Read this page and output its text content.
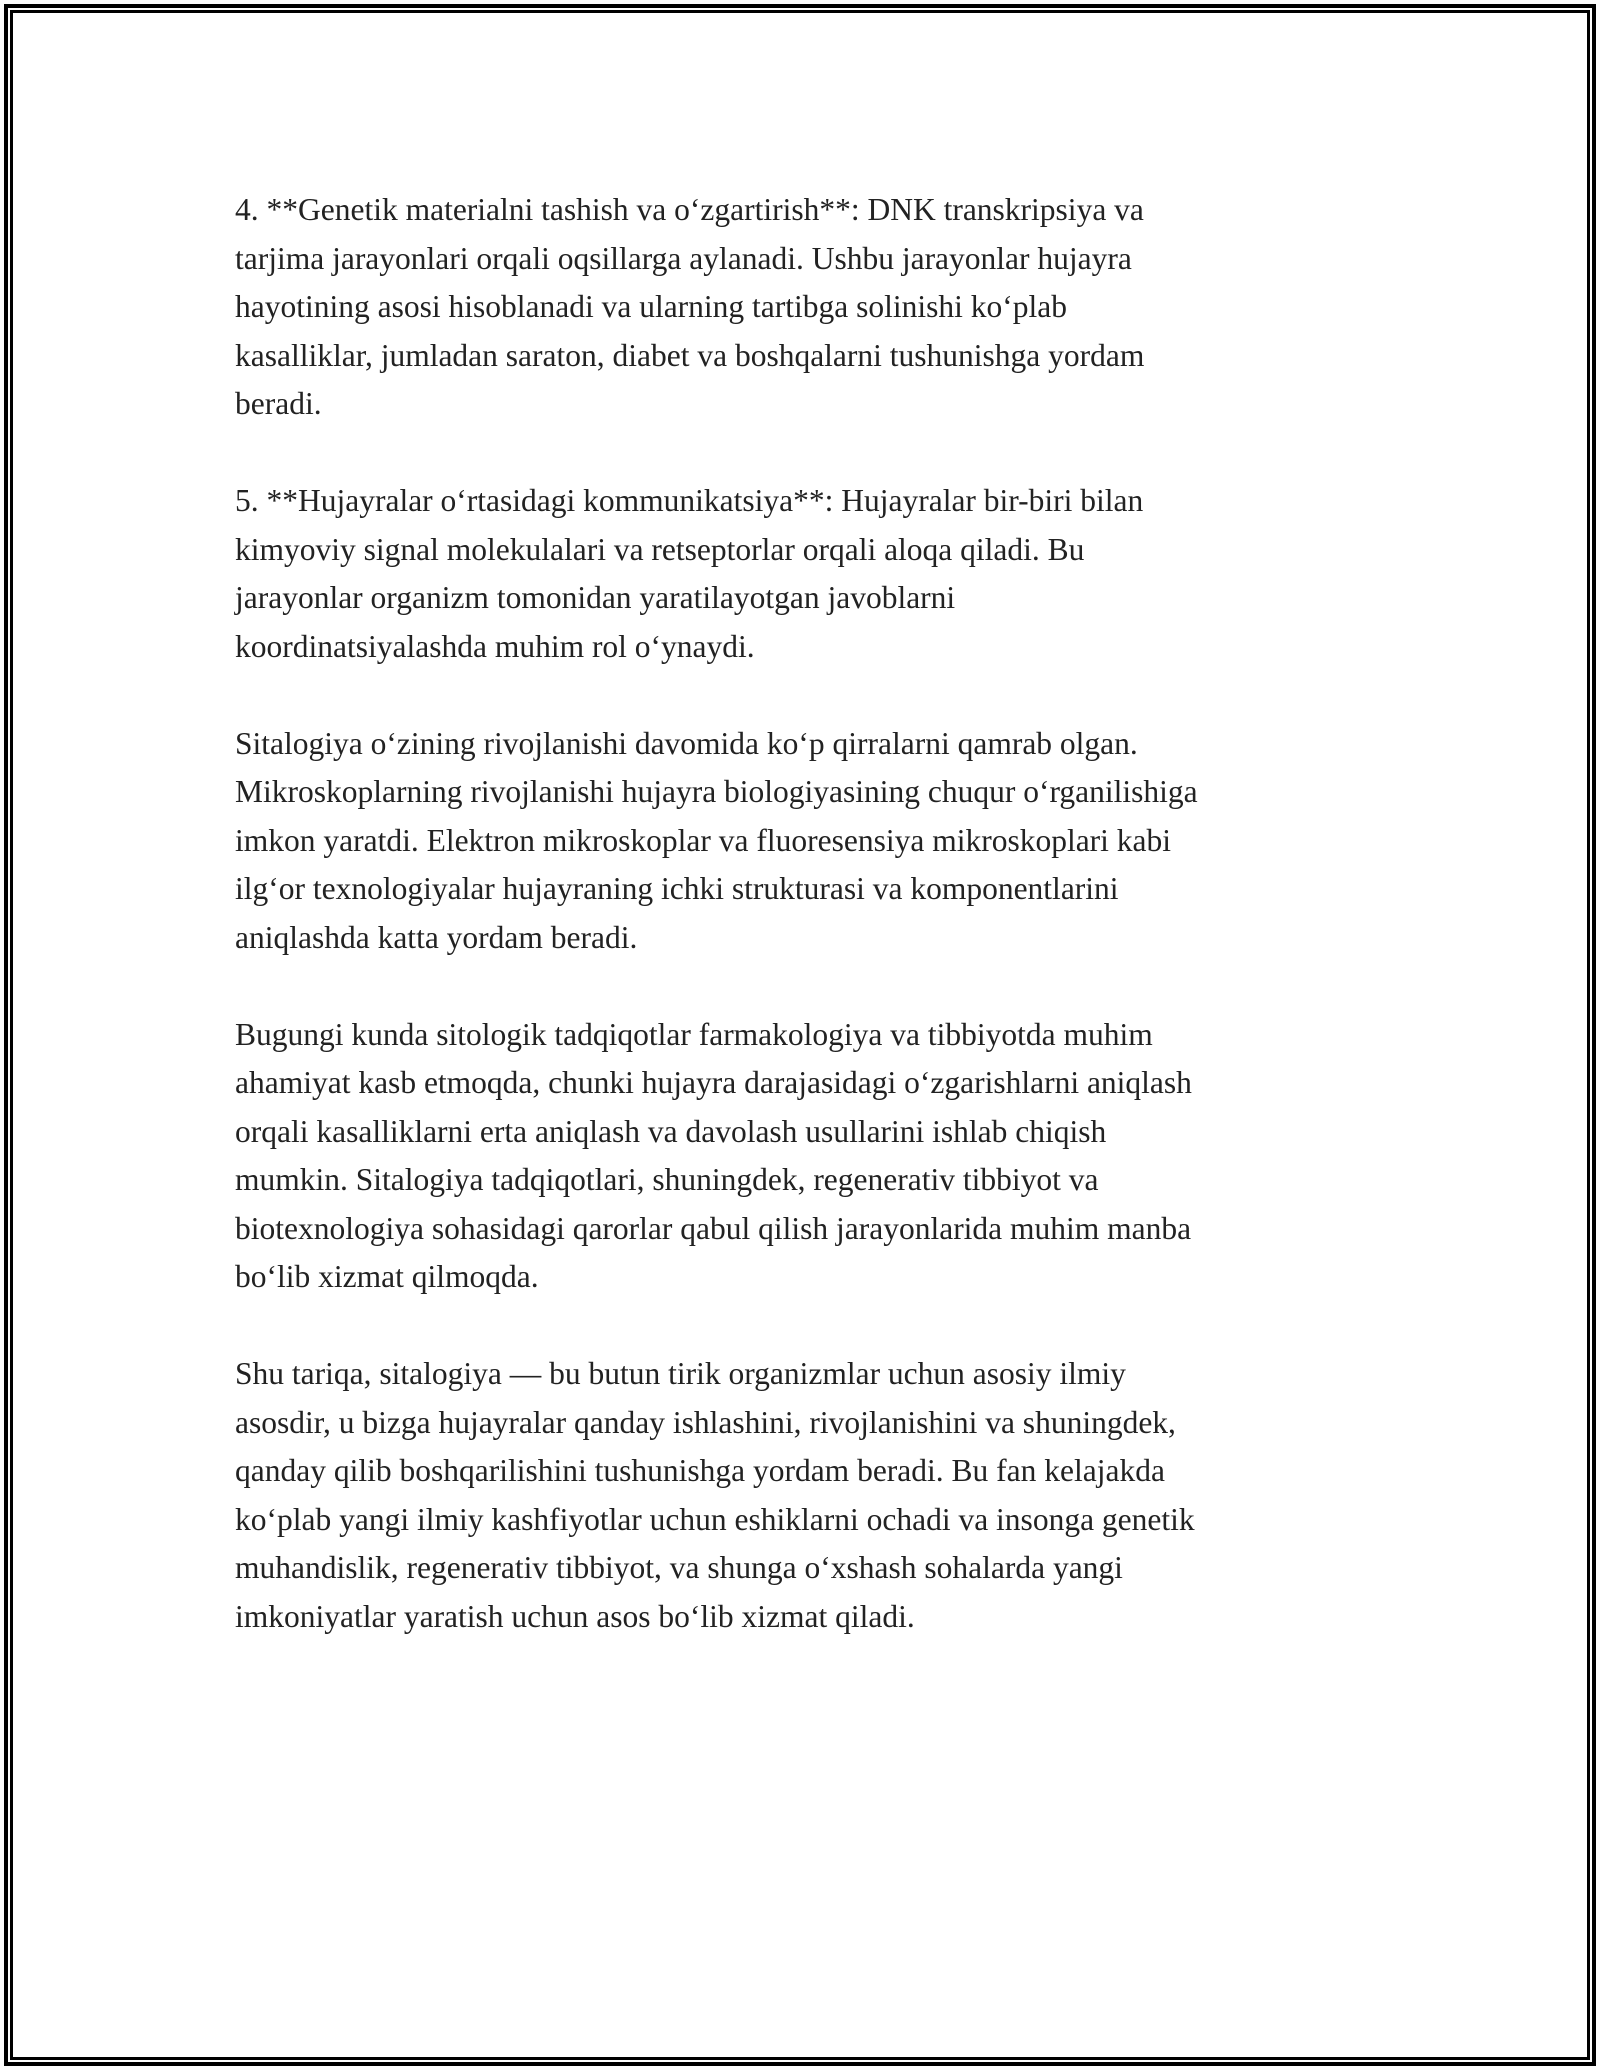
4. **Genetik materialni tashish va o‘zgartirish**: DNK transkripsiya va
tarjima jarayonlari orqali oqsillarga aylanadi. Ushbu jarayonlar hujayra
hayotining asosi hisoblanadi va ularning tartibga solinishi ko‘plab
kasalliklar, jumladan saraton, diabet va boshqalarni tushunishga yordam
beradi.

5. **Hujayralar o‘rtasidagi kommunikatsiya**: Hujayralar bir-biri bilan
kimyoviy signal molekulalari va retseptorlar orqali aloqa qiladi. Bu
jarayonlar organizm tomonidan yaratilayotgan javoblarni
koordinatsiyalashda muhim rol o‘ynaydi.

Sitalogiya o‘zining rivojlanishi davomida ko‘p qirralarni qamrab olgan.
Mikroskoplarning rivojlanishi hujayra biologiyasining chuqur o‘rganilishiga
imkon yaratdi. Elektron mikroskoplar va fluoresensiya mikroskoplari kabi
ilg‘or texnologiyalar hujayraning ichki strukturasi va komponentlarini
aniqlashda katta yordam beradi.

Bugungi kunda sitologik tadqiqotlar farmakologiya va tibbiyotda muhim
ahamiyat kasb etmoqda, chunki hujayra darajasidagi o‘zgarishlarni aniqlash
orqali kasalliklarni erta aniqlash va davolash usullarini ishlab chiqish
mumkin. Sitalogiya tadqiqotlari, shuningdek, regenerativ tibbiyot va
biotexnologiya sohasidagi qarorlar qabul qilish jarayonlarida muhim manba
bo‘lib xizmat qilmoqda.

Shu tariqa, sitalogiya — bu butun tirik organizmlar uchun asosiy ilmiy
asosdir, u bizga hujayralar qanday ishlashini, rivojlanishini va shuningdek,
qanday qilib boshqarilishini tushunishga yordam beradi. Bu fan kelajakda
ko‘plab yangi ilmiy kashfiyotlar uchun eshiklarni ochadi va insonga genetik
muhandislik, regenerativ tibbiyot, va shunga o‘xshash sohalarda yangi
imkoniyatlar yaratish uchun asos bo‘lib xizmat qiladi.
